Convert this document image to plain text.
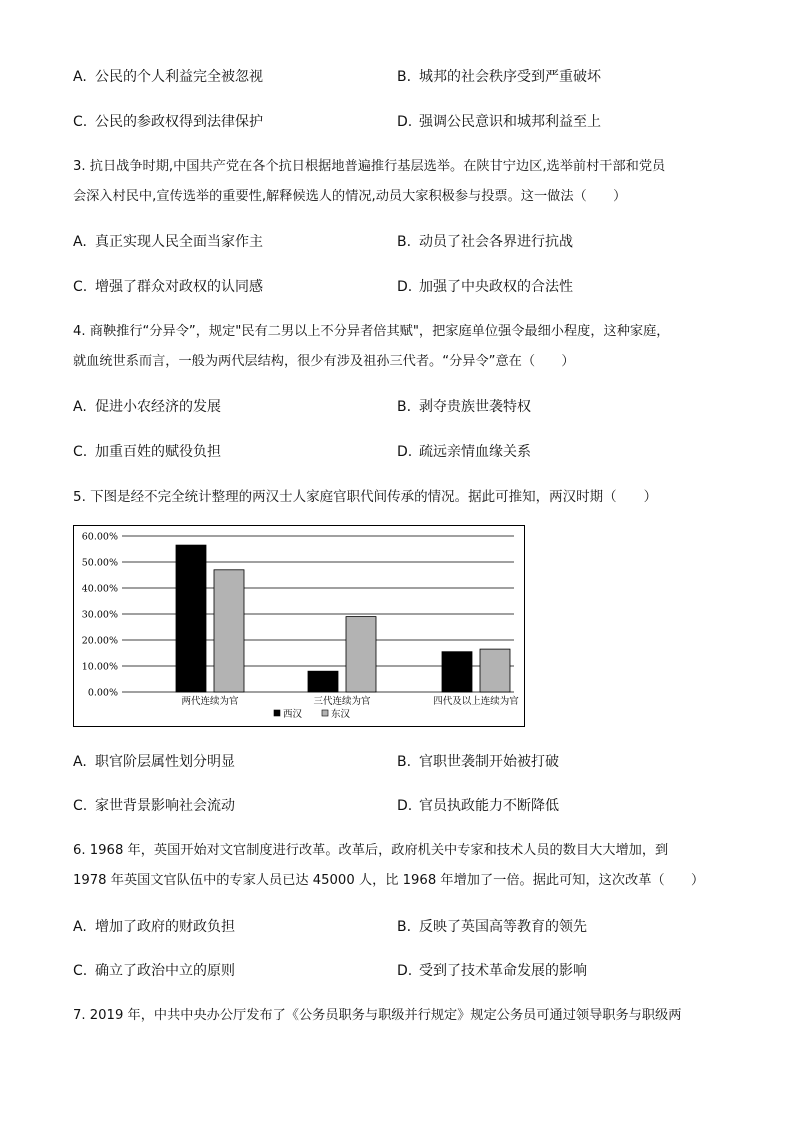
A. 公民的个人利益完全被忽视	B. 城邦的社会秩序受到严重破坏
C. 公民的参政权得到法律保护	D. 强调公民意识和城邦利益至上
3. 抗日战争时期,中国共产党在各个抗日根据地普遍推行基层选举。在陕甘宁边区,选举前村干部和党员
会深入村民中,宣传选举的重要性,解释候选人的情况,动员大家积极参与投票。这一做法（　　）
A. 真正实现人民全面当家作主	B. 动员了社会各界进行抗战
C. 增强了群众对政权的认同感	D. 加强了中央政权的合法性
4. 商鞅推行“分异令”，规定"民有二男以上不分异者倍其赋"，把家庭单位强令最细小程度，这种家庭，
就血统世系而言，一般为两代层结构，很少有涉及祖孙三代者。“分异令”意在（　　）
A. 促进小农经济的发展	B. 剥夺贵族世袭特权
C. 加重百姓的赋役负担	D. 疏远亲情血缘关系
5. 下图是经不完全统计整理的两汉士人家庭官职代间传承的情况。据此可推知，两汉时期（　　）
0.00%
10.00%
20.00%
30.00%
40.00%
50.00%
60.00%
两代连续为官	三代连续为官	四代及以上连续为官
西汉	东汉
A. 职官阶层属性划分明显	B. 官职世袭制开始被打破
C. 家世背景影响社会流动	D. 官员执政能力不断降低
6. 1968 年，英国开始对文官制度进行改革。改革后，政府机关中专家和技术人员的数目大大增加，到
1978 年英国文官队伍中的专家人员已达 45000 人，比 1968 年增加了一倍。据此可知，这次改革（　　）
A. 增加了政府的财政负担	B. 反映了英国高等教育的领先
C. 确立了政治中立的原则	D. 受到了技术革命发展的影响
7. 2019 年，中共中央办公厅发布了《公务员职务与职级并行规定》规定公务员可通过领导职务与职级两
